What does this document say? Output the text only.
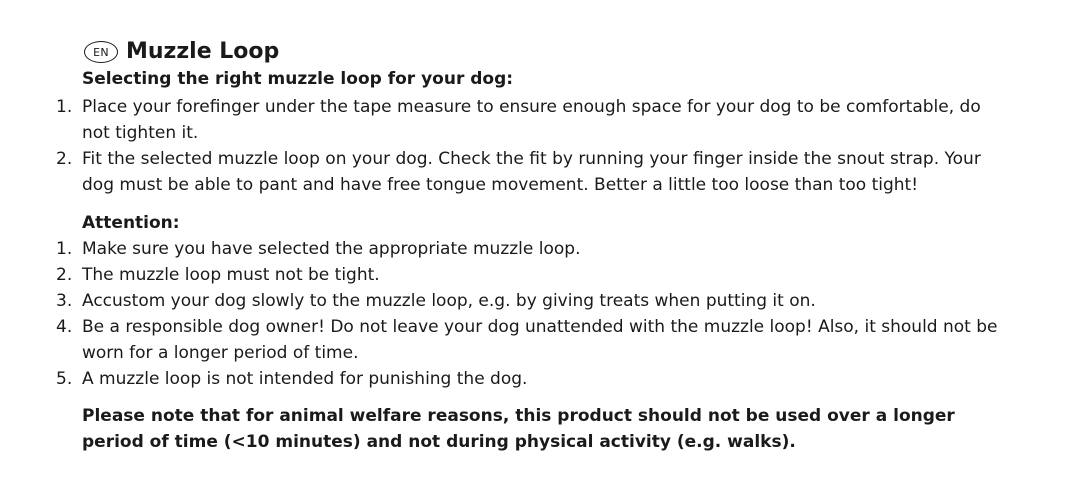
EN Muzzle Loop
Selecting the right muzzle loop for your dog:
1. Place your forefinger under the tape measure to ensure enough space for your dog to be comfortable, do not tighten it.
2. Fit the selected muzzle loop on your dog. Check the fit by running your finger inside the snout strap. Your dog must be able to pant and have free tongue movement. Better a little too loose than too tight!
Attention:
1. Make sure you have selected the appropriate muzzle loop.
2. The muzzle loop must not be tight.
3. Accustom your dog slowly to the muzzle loop, e.g. by giving treats when putting it on.
4. Be a responsible dog owner! Do not leave your dog unattended with the muzzle loop! Also, it should not be worn for a longer period of time.
5. A muzzle loop is not intended for punishing the dog.
Please note that for animal welfare reasons, this product should not be used over a longer period of time (<10 minutes) and not during physical activity (e.g. walks).
